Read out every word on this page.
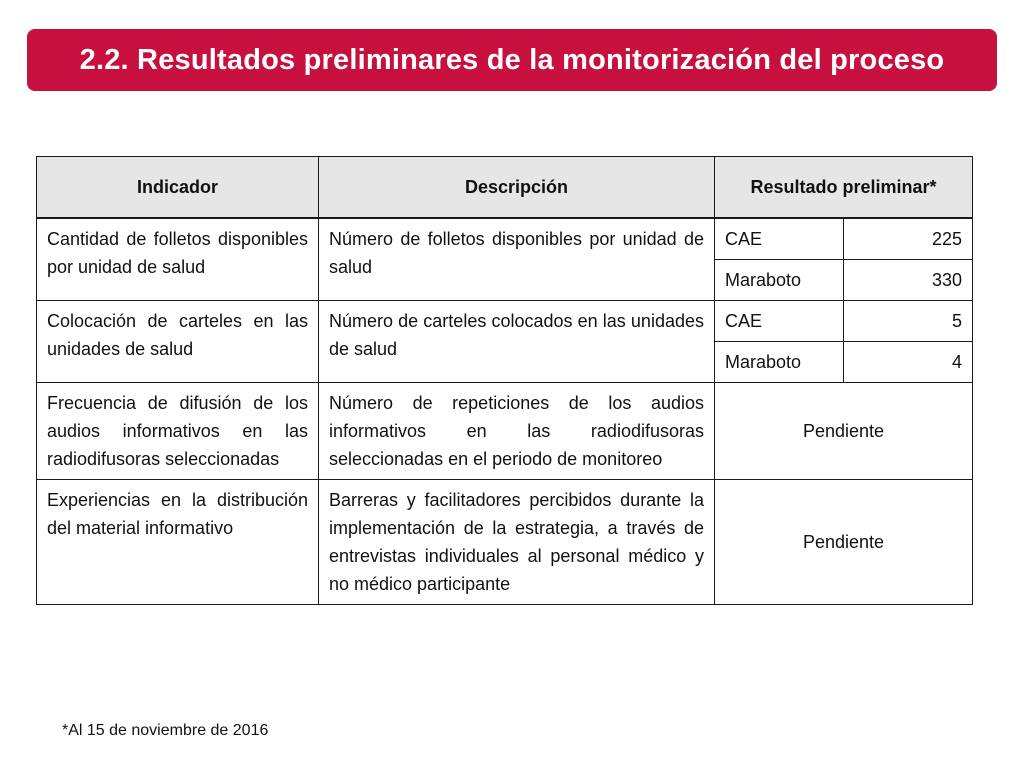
2.2. Resultados preliminares de la monitorización del proceso
Indicador	Descripción	Resultado preliminar*	
Cantidad de folletos disponibles por unidad de salud	Número de folletos disponibles por unidad de salud	CAE	225
		Maraboto	330
Colocación de carteles en las unidades de salud	Número de carteles colocados en las unidades de salud	CAE	5
		Maraboto	4
Frecuencia de difusión de los audios informativos en las radiodifusoras seleccionadas	Número de repeticiones de los audios informativos en las radiodifusoras seleccionadas en el periodo de monitoreo	Pendiente	
Experiencias en la distribución del material informativo	Barreras y facilitadores percibidos durante la implementación de la estrategia, a través de entrevistas individuales al personal médico y no médico participante	Pendiente	
*Al 15 de noviembre de 2016
